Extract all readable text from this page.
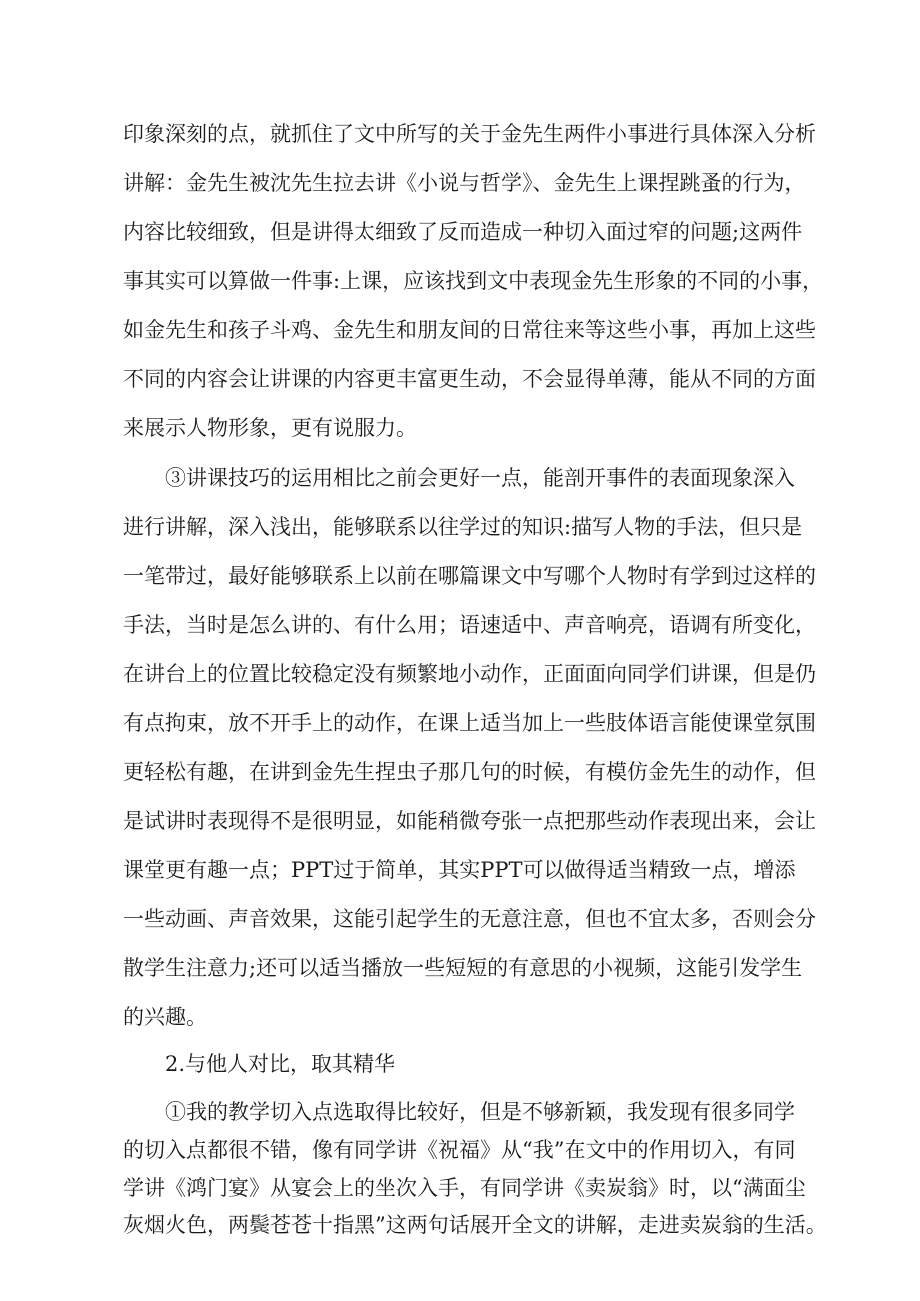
印象深刻的点，就抓住了文中所写的关于金先生两件小事进行具体深入分析
讲解：金先生被沈先生拉去讲《小说与哲学》、金先生上课捏跳蚤的行为，
内容比较细致，但是讲得太细致了反而造成一种切入面过窄的问题;这两件
事其实可以算做一件事:上课，应该找到文中表现金先生形象的不同的小事，
如金先生和孩子斗鸡、金先生和朋友间的日常往来等这些小事，再加上这些
不同的内容会让讲课的内容更丰富更生动，不会显得单薄，能从不同的方面
来展示人物形象，更有说服力。
③讲课技巧的运用相比之前会更好一点，能剖开事件的表面现象深入
进行讲解，深入浅出，能够联系以往学过的知识:描写人物的手法，但只是
一笔带过，最好能够联系上以前在哪篇课文中写哪个人物时有学到过这样的
手法，当时是怎么讲的、有什么用；语速适中、声音响亮，语调有所变化，
在讲台上的位置比较稳定没有频繁地小动作，正面面向同学们讲课，但是仍
有点拘束，放不开手上的动作，在课上适当加上一些肢体语言能使课堂氛围
更轻松有趣，在讲到金先生捏虫子那几句的时候，有模仿金先生的动作，但
是试讲时表现得不是很明显，如能稍微夸张一点把那些动作表现出来，会让
课堂更有趣一点；PPT过于简单，其实PPT可以做得适当精致一点，增添
一些动画、声音效果，这能引起学生的无意注意，但也不宜太多，否则会分
散学生注意力;还可以适当播放一些短短的有意思的小视频，这能引发学生
的兴趣。
2.与他人对比，取其精华
①我的教学切入点选取得比较好，但是不够新颖，我发现有很多同学
的切入点都很不错，像有同学讲《祝福》从“我”在文中的作用切入，有同
学讲《鸿门宴》从宴会上的坐次入手，有同学讲《卖炭翁》时，以“满面尘
灰烟火色，两鬓苍苍十指黑”这两句话展开全文的讲解，走进卖炭翁的生活。
